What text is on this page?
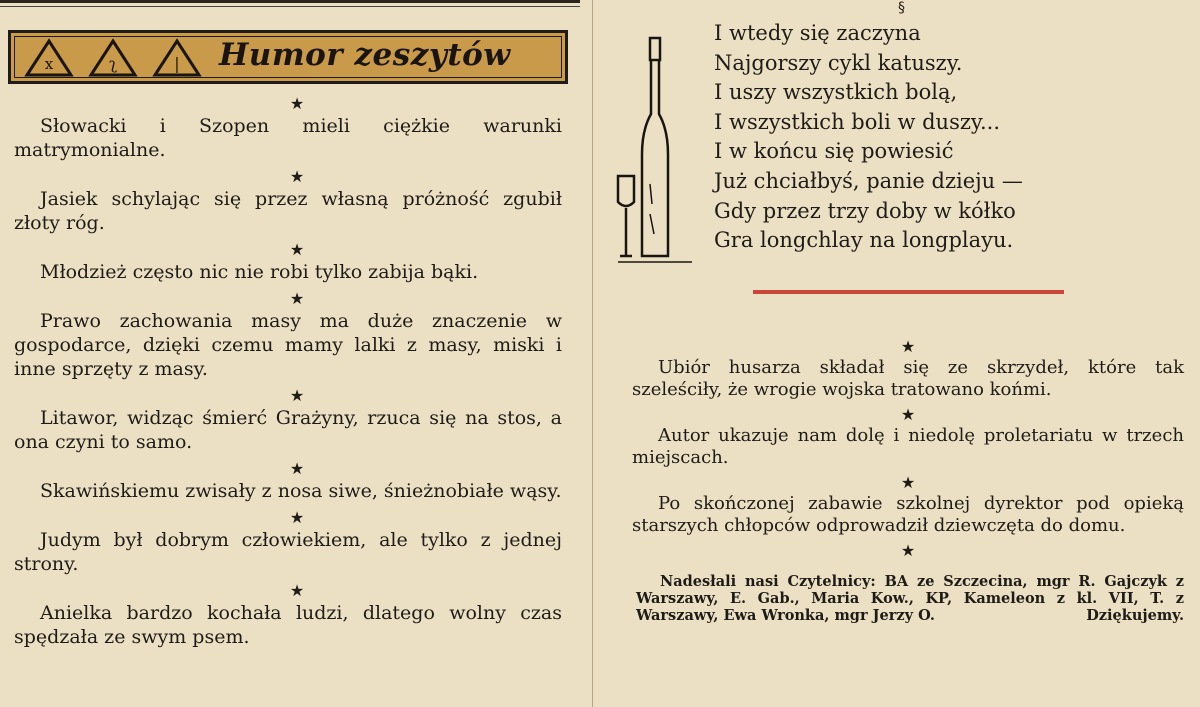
x	ʅ	| Humor zeszytów
★

Słowacki i Szopen mieli ciężkie warunki matrymonialne.

★

Jasiek schylając się przez własną próżność zgubił złoty róg.

★

Młodzież często nic nie robi tylko zabija bąki.

★

Prawo zachowania masy ma duże znaczenie w gospodarce, dzięki czemu mamy lalki z masy, miski i inne sprzęty z masy.

★

Litawor, widząc śmierć Grażyny, rzuca się na stos, a ona czyni to samo.

★

Skawińskiemu zwisały z nosa siwe, śnieżnobiałe wąsy.

★

Judym był dobrym człowiekiem, ale tylko z jednej strony.

★

Anielka bardzo kochała ludzi, dlatego wolny czas spędzała ze swym psem.

§
I wtedy się zaczyna
Najgorszy cykl katuszy.
I uszy wszystkich bolą,
I wszystkich boli w duszy...
I w końcu się powiesić
Już chciałbyś, panie dzieju —
Gdy przez trzy doby w kółko
Gra longchlay na longplayu.
★

Ubiór husarza składał się ze skrzydeł, które tak szeleściły, że wrogie wojska tratowano końmi.

★

Autor ukazuje nam dolę i niedolę proletariatu w trzech miejscach.

★

Po skończonej zabawie szkolnej dyrektor pod opieką starszych chłopców odprowadził dziewczęta do domu.

★
Nadesłali nasi Czytelnicy: BA ze Szczecina, mgr R. Gajczyk z Warszawy, E. Gab., Maria Kow., KP, Kameleon z kl. VII, T. z Warszawy, Ewa Wronka, mgr Jerzy O.	Dziękujemy.
